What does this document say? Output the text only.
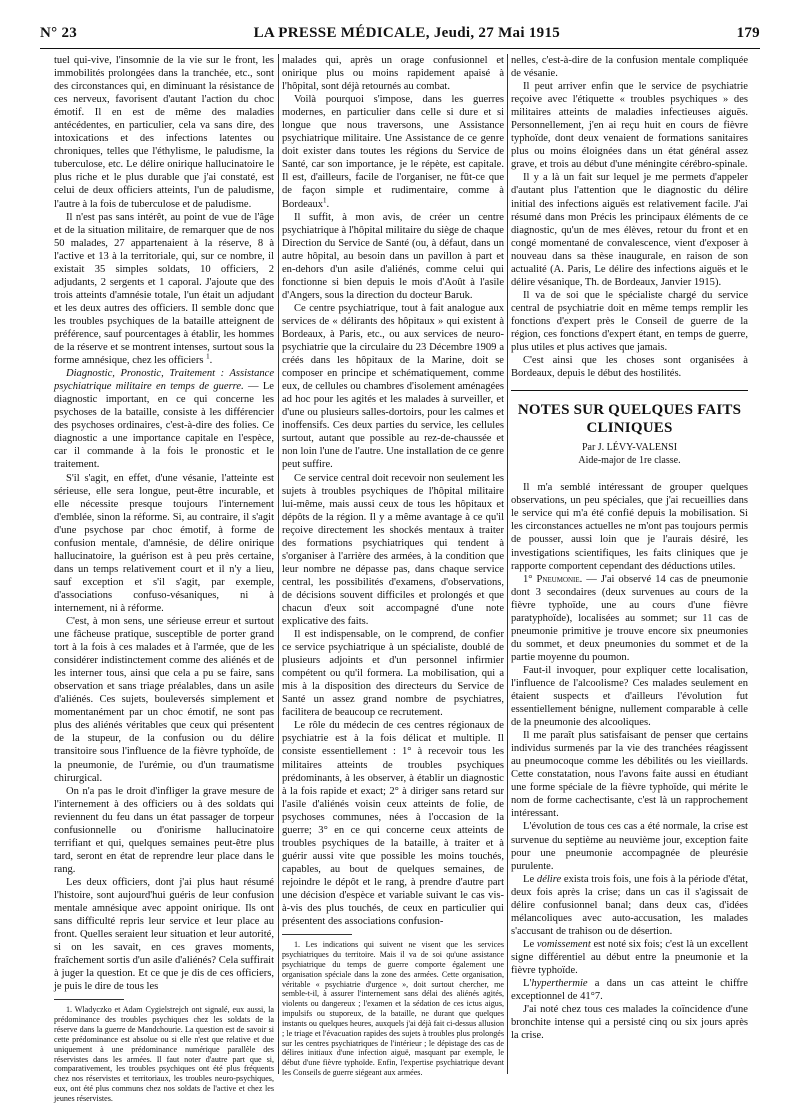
N° 23	LA PRESSE MÉDICALE, Jeudi, 27 Mai 1915	179

tuel qui-vive, l'insomnie de la vie sur le front, les immobilités prolongées dans la tranchée, etc., sont des circonstances qui, en diminuant la résistance de ces nerveux, favorisent d'autant l'action du choc émotif. Il en est de même des maladies antécédentes, en particulier, cela va sans dire, des intoxications et des infections latentes ou chroniques, telles que l'éthylisme, le paludisme, la tuberculose, etc. Le délire onirique hallucinatoire le plus riche et le plus durable que j'ai constaté, est celui de deux officiers atteints, l'un de paludisme, l'autre à la fois de tuberculose et de paludisme.

Il n'est pas sans intérêt, au point de vue de l'âge et de la situation militaire, de remarquer que de nos 50 malades, 27 appartenaient à la réserve, 8 à l'active et 13 à la territoriale, qui, sur ce nombre, il existait 35 simples soldats, 10 officiers, 2 adjudants, 2 sergents et 1 caporal. J'ajoute que des trois atteints d'amnésie totale, l'un était un adjudant et les deux autres des officiers. Il semble donc que les troubles psychiques de la bataille atteignent de préférence, sauf pourcentages à établir, les hommes de la réserve et se montrent intenses, surtout sous la forme amnésique, chez les officiers $^1$.

Diagnostic, Pronostic, Traitement : Assistance psychiatrique militaire en temps de guerre. — Le diagnostic important, en ce qui concerne les psychoses de la bataille, consiste à les différencier des psychoses ordinaires, c'est-à-dire des folies. Ce diagnostic a une importance capitale en l'espèce, car il commande à la fois le pronostic et le traitement.

S'il s'agit, en effet, d'une vésanie, l'atteinte est sérieuse, elle sera longue, peut-être incurable, et elle nécessite presque toujours l'internement d'emblée, sinon la réforme. Si, au contraire, il s'agit d'une psychose par choc émotif, à forme de confusion mentale, d'amnésie, de délire onirique hallucinatoire, la guérison est à peu près certaine, dans un temps relativement court et il n'y a lieu, sauf exception et s'il s'agit, par exemple, d'associations confuso-vésaniques, ni à internement, ni à réforme.

C'est, à mon sens, une sérieuse erreur et surtout une fâcheuse pratique, susceptible de porter grand tort à la fois à ces malades et à l'armée, que de les considérer indistinctement comme des aliénés et de les interner tous, ainsi que cela a pu se faire, sans observation et sans triage préalables, dans un asile d'aliénés. Ces sujets, bouleversés simplement et momentanément par un choc émotif, ne sont pas plus des aliénés véritables que ceux qui présentent de la stupeur, de la confusion ou du délire transitoire sous l'influence de la fièvre typhoïde, de la pneumonie, de l'urémie, ou d'un traumatisme chirurgical.

On n'a pas le droit d'infliger la grave mesure de l'internement à des officiers ou à des soldats qui reviennent du feu dans un état passager de torpeur confusionnelle ou d'onirisme hallucinatoire terrifiant et qui, quelques semaines peut-être plus tard, seront en état de reprendre leur place dans le rang.

Les deux officiers, dont j'ai plus haut résumé l'histoire, sont aujourd'hui guéris de leur confusion mentale amnésique avec appoint onirique. Ils ont sans difficulté repris leur service et leur place au front. Quelles seraient leur situation et leur autorité, si on les savait, en ces graves moments, fraîchement sortis d'un asile d'aliénés? Cela suffirait à juger la question. Et ce que je dis de ces officiers, je puis le dire de tous les

1. Wladyczko et Adam Cygielstrejch ont signalé, eux aussi, la prédominance des troubles psychiques chez les soldats de la réserve dans la guerre de Mandchourie. La question est de savoir si cette prédominance est absolue ou si elle n'est que relative et due uniquement à une prédominance numérique parallèle des réservistes dans les armées. Il faut noter d'autre part que si, comparativement, les troubles psychiques ont été plus fréquents chez nos réservistes et territoriaux, les troubles neuro-psychiques, eux, ont été plus communs chez nos soldats de l'active et chez les jeunes réservistes.

malades qui, après un orage confusionnel et onirique plus ou moins rapidement apaisé à l'hôpital, sont déjà retournés au combat.

Voilà pourquoi s'impose, dans les guerres modernes, en particulier dans celle si dure et si longue que nous traversons, une Assistance psychiatrique militaire. Une Assistance de ce genre doit exister dans toutes les régions du Service de Santé, car son importance, je le répète, est capitale. Il est, d'ailleurs, facile de l'organiser, ne fût-ce que de façon simple et rudimentaire, comme à Bordeaux$^1$.

Il suffit, à mon avis, de créer un centre psychiatrique à l'hôpital militaire du siège de chaque Direction du Service de Santé (ou, à défaut, dans un autre hôpital, au besoin dans un pavillon à part et en-dehors d'un asile d'aliénés, comme celui qui fonctionne si bien depuis le mois d'Août à l'asile d'Angers, sous la direction du docteur Baruk.

Ce centre psychiatrique, tout à fait analogue aux services de « délirants des hôpitaux » qui existent à Bordeaux, à Paris, etc., ou aux services de neuro-psychiatrie que la circulaire du 23 Décembre 1909 a créés dans les hôpitaux de la Marine, doit se composer en principe et schématiquement, comme eux, de cellules ou chambres d'isolement aménagées ad hoc pour les agités et les malades à surveiller, et d'une ou plusieurs salles-dortoirs, pour les calmes et inoffensifs. Ces deux parties du service, les cellules surtout, autant que possible au rez-de-chaussée et non loin l'une de l'autre. Une installation de ce genre peut suffire.

Ce service central doit recevoir non seulement les sujets à troubles psychiques de l'hôpital militaire lui-même, mais aussi ceux de tous les hôpitaux et dépôts de la région. Il y a même avantage à ce qu'il reçoive directement les shockés mentaux à traiter des formations psychiatriques qui tendent à s'organiser à l'arrière des armées, à la condition que leur nombre ne dépasse pas, dans chaque service central, les possibilités d'examens, d'observations, de décisions souvent difficiles et prolongés et que chacun d'eux soit accompagné d'une note explicative des faits.

Il est indispensable, on le comprend, de confier ce service psychiatrique à un spécialiste, doublé de plusieurs adjoints et d'un personnel infirmier compétent ou qu'il formera. La mobilisation, qui a mis à la disposition des directeurs du Service de Santé un assez grand nombre de psychiatres, facilitera de beaucoup ce recrutement.

Le rôle du médecin de ces centres régionaux de psychiatrie est à la fois délicat et multiple. Il consiste essentiellement : 1° à recevoir tous les militaires atteints de troubles psychiques prédominants, à les observer, à établir un diagnostic à la fois rapide et exact; 2° à diriger sans retard sur l'asile d'aliénés voisin ceux atteints de folie, de psychoses communes, nées à l'occasion de la guerre; 3° en ce qui concerne ceux atteints de troubles psychiques de la bataille, à traiter et à guérir aussi vite que possible les moins touchés, capables, au bout de quelques semaines, de rejoindre le dépôt et le rang, à prendre d'autre part une décision d'espèce et variable suivant le cas vis-à-vis des plus touchés, de ceux en particulier qui présentent des associations confusion-

1. Les indications qui suivent ne visent que les services psychiatriques du territoire. Mais il va de soi qu'une assistance psychiatrique du temps de guerre comporte également une organisation spéciale dans la zone des armées. Cette organisation, véritable « psychiatrie d'urgence », doit surtout chercher, me semble-t-il, à assurer l'internement sans délai des aliénés agités, violents ou dangereux ; l'examen et la sédation de ces ictus aigus, impulsifs ou stuporeux, de la bataille, ne durant que quelques instants ou quelques heures, auxquels j'ai déjà fait ci-dessus allusion ; le triage et l'évacuation rapides des sujets à troubles plus prolongés sur les centres psychiatriques de l'intérieur ; le dépistage des cas de délires initiaux d'une infection aiguë, masquant par exemple, le début d'une fièvre typhoïde. Enfin, l'expertise psychiatrique devant les Conseils de guerre siégeant aux armées.

nelles, c'est-à-dire de la confusion mentale compliquée de vésanie.

Il peut arriver enfin que le service de psychiatrie reçoive avec l'étiquette « troubles psychiques » des militaires atteints de maladies infectieuses aiguës. Personnellement, j'en ai reçu huit en cours de fièvre typhoïde, dont deux venaient de formations sanitaires plus ou moins éloignées dans un état général assez grave, et trois au début d'une méningite cérébro-spinale.

Il y a là un fait sur lequel je me permets d'appeler d'autant plus l'attention que le diagnostic du délire initial des infections aiguës est relativement facile. J'ai résumé dans mon Précis les principaux éléments de ce diagnostic, qu'un de mes élèves, retour du front et en congé momentané de convalescence, vient d'exposer à nouveau dans sa thèse inaugurale, en raison de son actualité (A. Paris, Le délire des infections aiguës et le délire vésanique, Th. de Bordeaux, Janvier 1915).

Il va de soi que le spécialiste chargé du service central de psychiatrie doit en même temps remplir les fonctions d'expert près le Conseil de guerre de la région, ces fonctions d'expert étant, en temps de guerre, plus utiles et plus actives que jamais.

C'est ainsi que les choses sont organisées à Bordeaux, depuis le début des hostilités.

NOTES SUR QUELQUES FAITS CLINIQUES
Par J. LÉVY-VALENSI
Aide-major de 1re classe.

Il m'a semblé intéressant de grouper quelques observations, un peu spéciales, que j'ai recueillies dans le service qui m'a été confié depuis la mobilisation. Si les circonstances actuelles ne m'ont pas toujours permis de pousser, aussi loin que je l'aurais désiré, les investigations scientifiques, les faits cliniques que je rapporte comportent cependant des déductions utiles.

1° Pneumonie. — J'ai observé 14 cas de pneumonie dont 3 secondaires (deux survenues au cours de la fièvre typhoïde, une au cours d'une fièvre paratyphoïde), localisées au sommet; sur 11 cas de pneumonie primitive je trouve encore six pneumonies du sommet, et deux pneumonies du sommet et de la partie moyenne du poumon.

Faut-il invoquer, pour expliquer cette localisation, l'influence de l'alcoolisme? Ces malades seulement en étaient suspects et d'ailleurs l'évolution fut essentiellement bénigne, nullement comparable à celle de la pneumonie des alcooliques.

Il me paraît plus satisfaisant de penser que certains individus surmenés par la vie des tranchées réagissent au pneumocoque comme les débilités ou les vieillards. Cette constatation, nous l'avons faite aussi en étudiant une forme spéciale de la fièvre typhoïde, qui mérite le nom de forme cachectisante, c'est là un rapprochement intéressant.

L'évolution de tous ces cas a été normale, la crise est survenue du septième au neuvième jour, exception faite pour une pneumonie accompagnée de pleurésie purulente.

Le délire exista trois fois, une fois à la période d'état, deux fois après la crise; dans un cas il s'agissait de délire confusionnel banal; dans deux cas, d'idées mélancoliques avec auto-accusation, les malades s'accusant de trahison ou de désertion.

Le vomissement est noté six fois; c'est là un excellent signe différentiel au début entre la pneumonie et la fièvre typhoïde.

L'hyperthermie a dans un cas atteint le chiffre exceptionnel de 41°7.

J'ai noté chez tous ces malades la coïncidence d'une bronchite intense qui a persisté cinq ou six jours après la crise.
